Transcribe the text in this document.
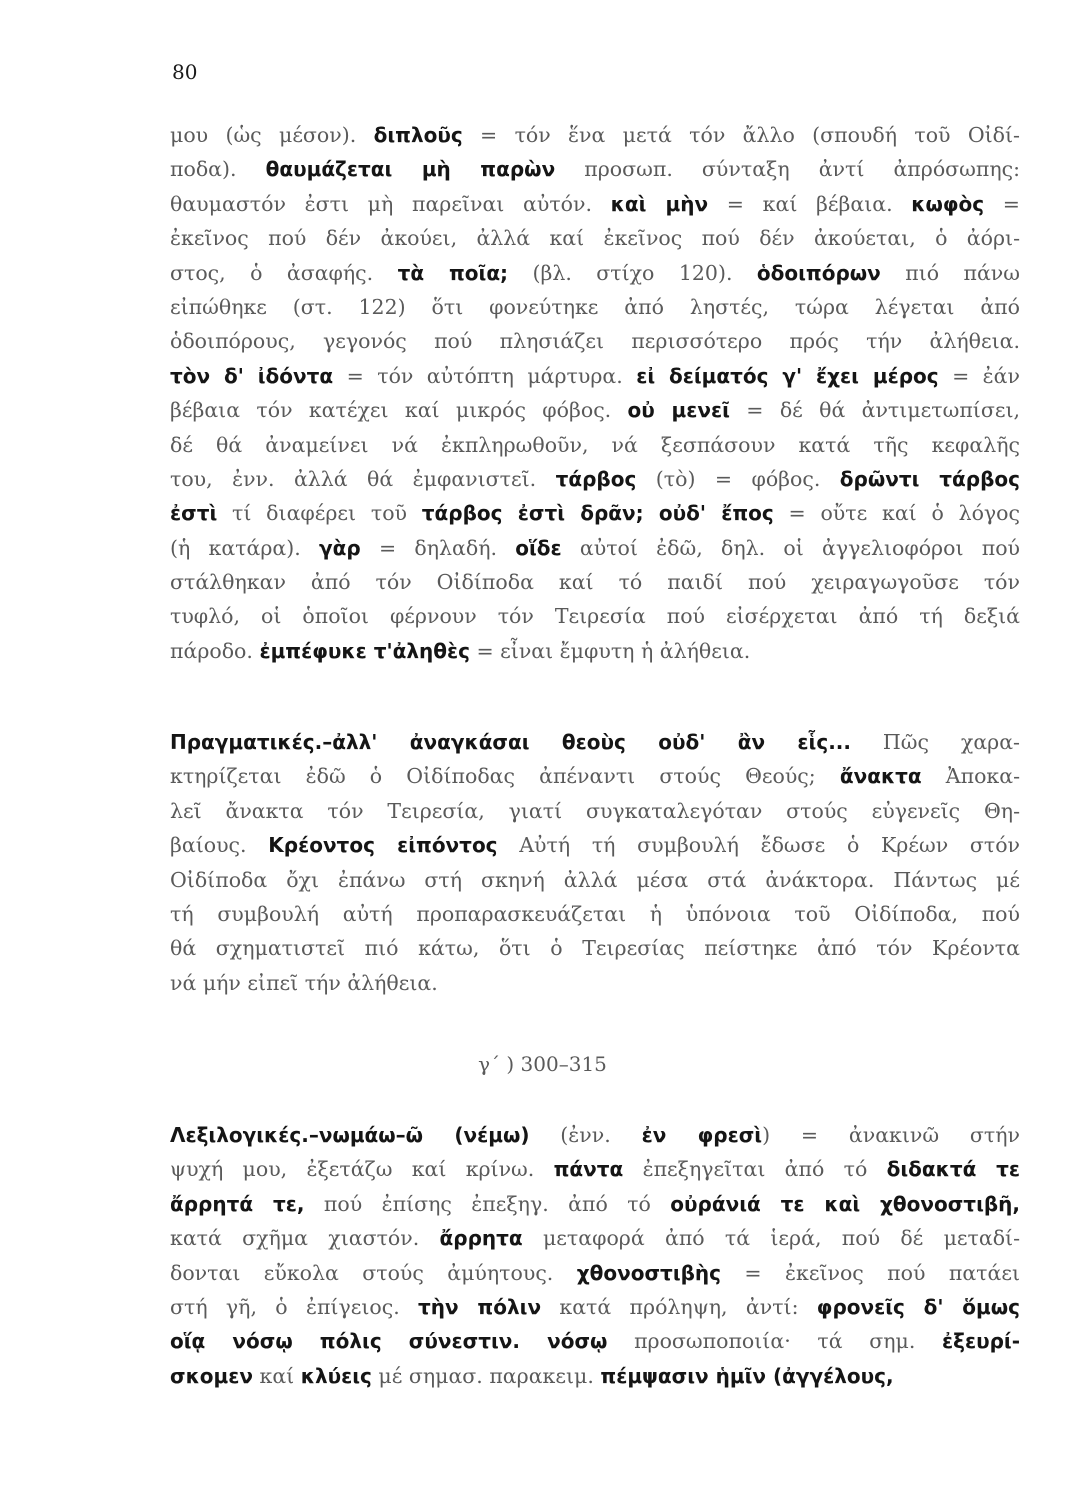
80
μου (ὡς μέσον). διπλοῦς = τόν ἕνα μετά τόν ἄλλο (σπουδή τοῦ Οἰδί-
ποδα). θαυμάζεται μὴ παρὼν προσωπ. σύνταξη ἀντί ἀπρόσωπης:
θαυμαστόν ἐστι μὴ παρεῖναι αὐτόν. καὶ μὴν = καί βέβαια. κωφὸς =
ἐκεῖνος πού δέν ἀκούει, ἀλλά καί ἐκεῖνος πού δέν ἀκούεται, ὁ ἀόρι-
στος, ὁ ἀσαφής. τὰ ποῖα; (βλ. στίχο 120). ὁδοιπόρων πιό πάνω
εἰπώθηκε (στ. 122) ὅτι φονεύτηκε ἀπό ληστές, τώρα λέγεται ἀπό
ὁδοιπόρους, γεγονός πού πλησιάζει περισσότερο πρός τήν ἀλήθεια.
τὸν δ' ἰδόντα = τόν αὐτόπτη μάρτυρα. εἰ δείματός γ' ἔχει μέρος = ἐάν
βέβαια τόν κατέχει καί μικρός φόβος. οὐ μενεῖ = δέ θά ἀντιμετωπίσει,
δέ θά ἀναμείνει νά ἐκπληρωθοῦν, νά ξεσπάσουν κατά τῆς κεφαλῆς
του, ἐνν. ἀλλά θά ἐμφανιστεῖ. τάρβος (τὸ) = φόβος. δρῶντι τάρβος
ἐστὶ τί διαφέρει τοῦ τάρβος ἐστὶ δρᾶν; οὐδ' ἔπος = οὔτε καί ὁ λόγος
(ἡ κατάρα). γὰρ = δηλαδή. οἵδε αὐτοί ἐδῶ, δηλ. οἱ ἀγγελιοφόροι πού
στάλθηκαν ἀπό τόν Οἰδίποδα καί τό παιδί πού χειραγωγοῦσε τόν
τυφλό, οἱ ὁποῖοι φέρνουν τόν Τειρεσία πού εἰσέρχεται ἀπό τή δεξιά
πάροδο. ἐμπέφυκε τ'ἀληθὲς = εἶναι ἔμφυτη ἡ ἀλήθεια.
Πραγματικές.–ἀλλ' ἀναγκάσαι θεοὺς οὐδ' ἂν εἷς... Πῶς χαρα-
κτηρίζεται ἐδῶ ὁ Οἰδίποδας ἀπέναντι στούς Θεούς; ἄνακτα Ἀποκα-
λεῖ ἄνακτα τόν Τειρεσία, γιατί συγκαταλεγόταν στούς εὐγενεῖς Θη-
βαίους. Κρέοντος εἰπόντος Αὐτή τή συμβουλή ἔδωσε ὁ Κρέων στόν
Οἰδίποδα ὄχι ἐπάνω στή σκηνή ἀλλά μέσα στά ἀνάκτορα. Πάντως μέ
τή συμβουλή αὐτή προπαρασκευάζεται ἡ ὑπόνοια τοῦ Οἰδίποδα, πού
θά σχηματιστεῖ πιό κάτω, ὅτι ὁ Τειρεσίας πείστηκε ἀπό τόν Κρέοντα
νά μήν εἰπεῖ τήν ἀλήθεια.
γ´ ) 300–315
Λεξιλογικές.–νωμάω–ῶ (νέμω) (ἐνν. ἐν φρεσὶ) = ἀνακινῶ στήν
ψυχή μου, ἐξετάζω καί κρίνω. πάντα ἐπεξηγεῖται ἀπό τό διδακτά τε
ἄρρητά τε, πού ἐπίσης ἐπεξηγ. ἀπό τό οὐράνιά τε καὶ χθονοστιβῆ,
κατά σχῆμα χιαστόν. ἄρρητα μεταφορά ἀπό τά ἱερά, πού δέ μεταδί-
δονται εὔκολα στούς ἀμύητους. χθονοστιβὴς = ἐκεῖνος πού πατάει
στή γῆ, ὁ ἐπίγειος. τὴν πόλιν κατά πρόληψη, ἀντί: φρονεῖς δ' ὅμως
οἵᾳ νόσῳ πόλις σύνεστιν. νόσῳ προσωποποιία· τά σημ. ἐξευρί-
σκομεν καί κλύεις μέ σημασ. παρακειμ. πέμψασιν ἡμῖν (ἀγγέλους,
